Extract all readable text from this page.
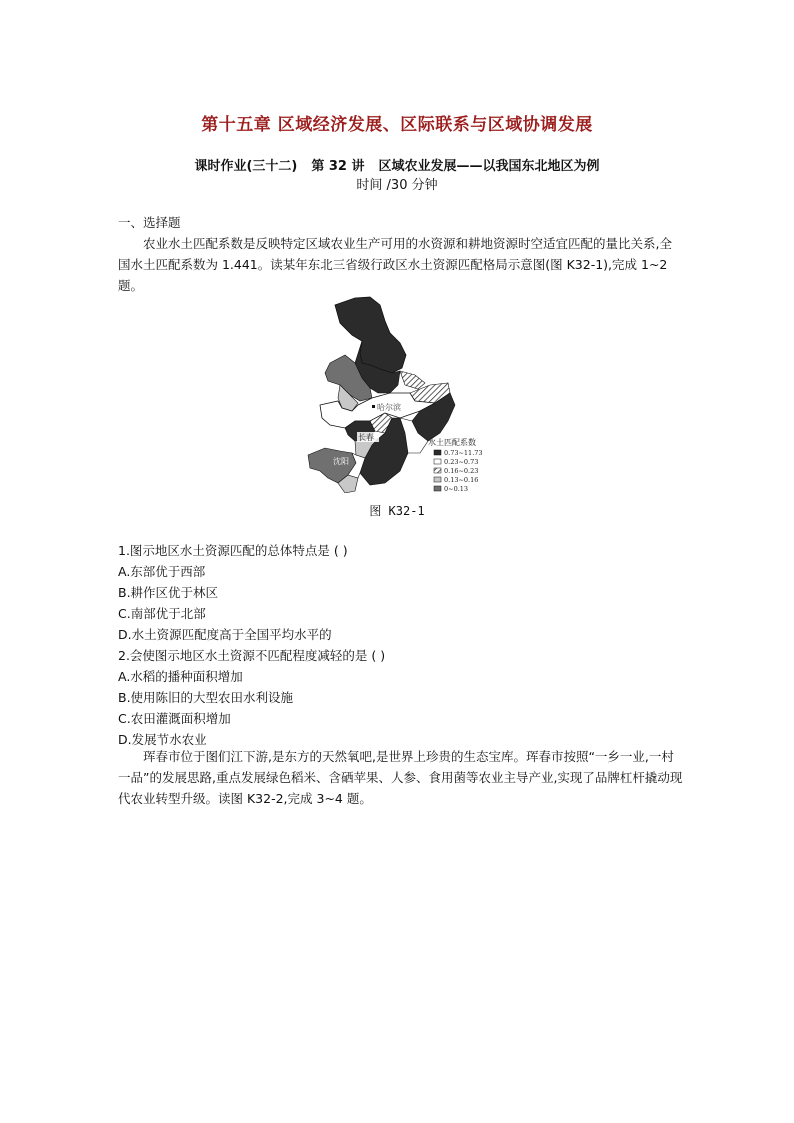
第十五章 区域经济发展、区际联系与区域协调发展
课时作业(三十二) 第 32 讲 区域农业发展——以我国东北地区为例
时间 /30 分钟
一、选择题
农业水土匹配系数是反映特定区域农业生产可用的水资源和耕地资源时空适宜匹配的量比关系,全国水土匹配系数为 1.441。读某年东北三省级行政区水土资源匹配格局示意图(图 K32-1),完成 1~2 题。
哈尔滨
长春
沈阳
水土匹配系数
0.73~11.73
0.23~0.73
0.16~0.23
0.13~0.16
0~0.13
图 K32-1
1.图示地区水土资源匹配的总体特点是 ( )
A.东部优于西部
B.耕作区优于林区
C.南部优于北部
D.水土资源匹配度高于全国平均水平的
2.会使图示地区水土资源不匹配程度减轻的是 ( )
A.水稻的播种面积增加
B.使用陈旧的大型农田水利设施
C.农田灌溉面积增加
D.发展节水农业
珲春市位于图们江下游,是东方的天然氧吧,是世界上珍贵的生态宝库。珲春市按照“一乡一业,一村一品”的发展思路,重点发展绿色稻米、含硒苹果、人参、食用菌等农业主导产业,实现了品牌杠杆撬动现代农业转型升级。读图 K32-2,完成 3~4 题。
